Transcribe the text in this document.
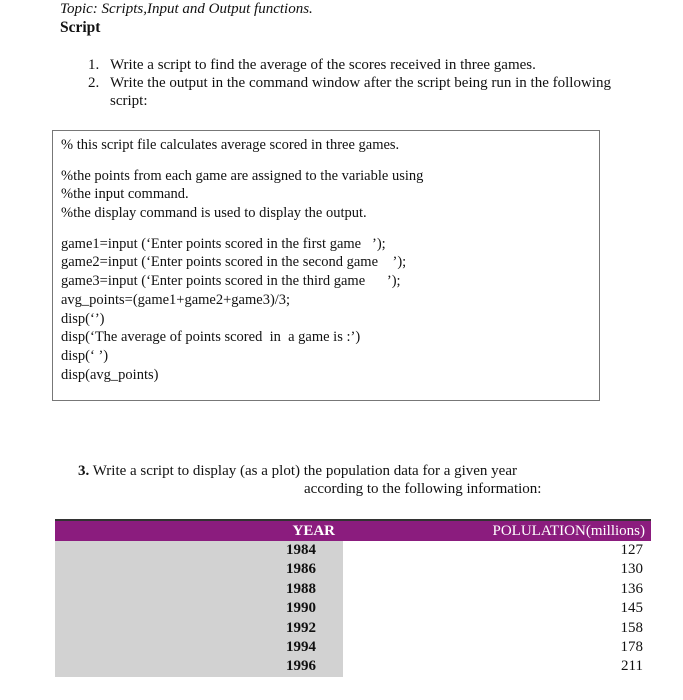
Topic: Scripts,Input and Output functions.
Script
1. Write a script to find the average of the scores received in three games.
2. Write the output in the command window after the script being run in the following script:
% this script file calculates average scored in three games.
%the points from each game are assigned to the variable using
%the input command.
%the display command is used to display the output.
game1=input (‘Enter points scored in the first game   ’);
game2=input (‘Enter points scored in the second game    ’);
game3=input (‘Enter points scored in the third game      ’);
avg_points=(game1+game2+game3)/3;
disp(‘’)
disp(‘The average of points scored  in  a game is :’)
disp(‘ ’)
disp(avg_points)
3. Write a script to display (as a plot) the population data for a given year
according to the following information:
YEAR	POLULATION(millions)
1984	127
1986	130
1988	136
1990	145
1992	158
1994	178
1996	211
